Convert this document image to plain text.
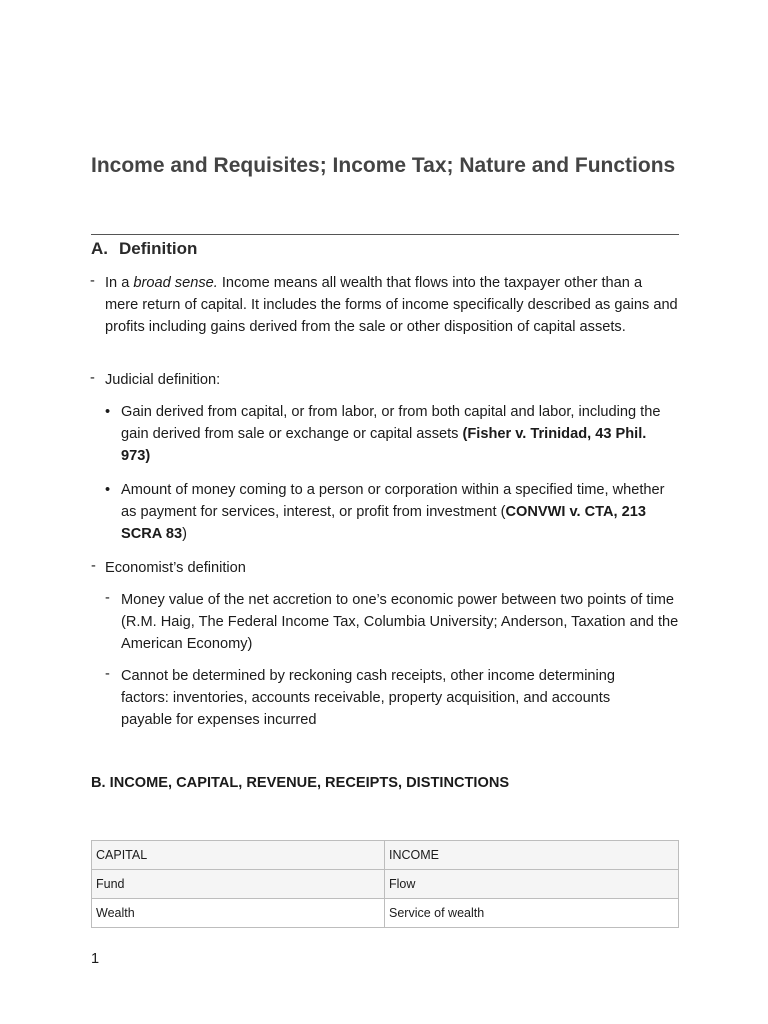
Income and Requisites; Income Tax; Nature and Functions
A. Definition
- In a broad sense. Income means all wealth that flows into the taxpayer other than a mere return of capital. It includes the forms of income specifically described as gains and profits including gains derived from the sale or other disposition of capital assets.
- Judicial definition:
• Gain derived from capital, or from labor, or from both capital and labor, including the gain derived from sale or exchange or capital assets (Fisher v. Trinidad, 43 Phil. 973)
• Amount of money coming to a person or corporation within a specified time, whether as payment for services, interest, or profit from investment (CONVWI v. CTA, 213 SCRA 83)
- Economist’s definition
- Money value of the net accretion to one’s economic power between two points of time (R.M. Haig, The Federal Income Tax, Columbia University; Anderson, Taxation and the American Economy)
- Cannot be determined by reckoning cash receipts, other income determining factors: inventories, accounts receivable, property acquisition, and accounts payable for expenses incurred
B. INCOME, CAPITAL, REVENUE, RECEIPTS, DISTINCTIONS
CAPITAL	INCOME
Fund	Flow
Wealth	Service of wealth
1
